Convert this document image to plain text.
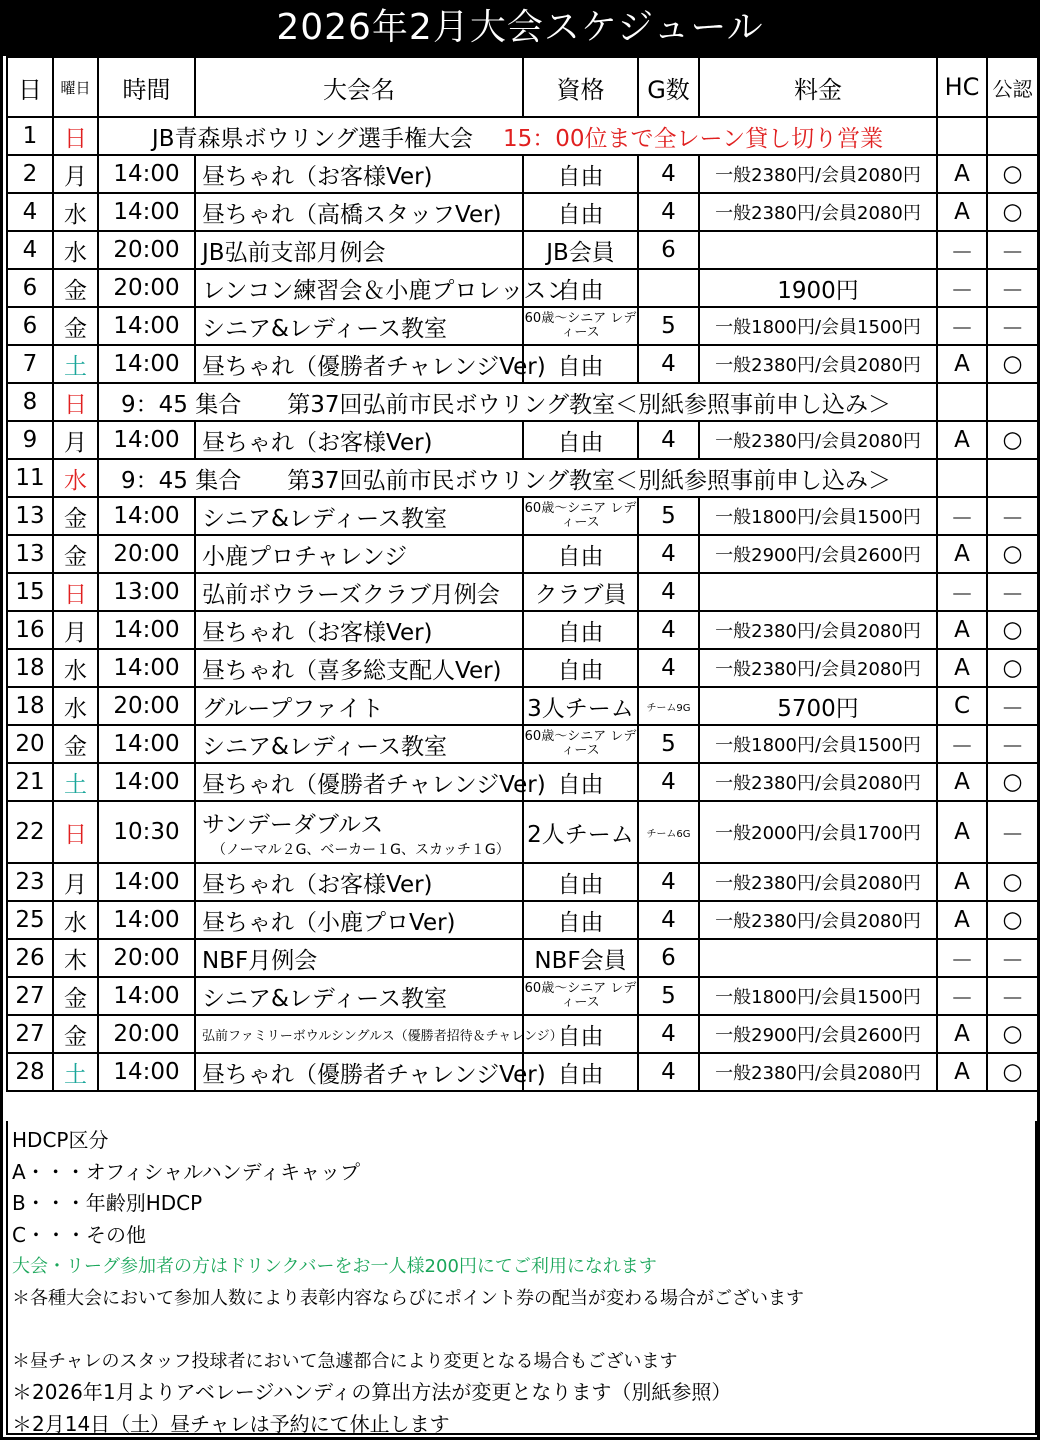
2026年2月大会スケジュール
日	曜日	時間	大会名	資格	G数	料金	HC	公認
1	日	JB青森県ボウリング選手権大会 15：00位まで全レーン貸し切り営業						
2	月	14:00	昼ちゃれ（お客様Ver)	自由	4	一般2380円/会員2080円	A	○
4	水	14:00	昼ちゃれ（高橋スタッフVer)	自由	4	一般2380円/会員2080円	A	○
4	水	20:00	JB弘前支部月例会	JB会員	6		－	－
6	金	20:00	レンコン練習会＆小鹿プロレッスン	自由		1900円	－	－
6	金	14:00	シニア&レディース教室	60歳～シニア レディース	5	一般1800円/会員1500円	－	－
7	土	14:00	昼ちゃれ（優勝者チャレンジVer)	自由	4	一般2380円/会員2080円	A	○
8	日	9：45 集合　　第37回弘前市民ボウリング教室＜別紙参照事前申し込み＞						
9	月	14:00	昼ちゃれ（お客様Ver)	自由	4	一般2380円/会員2080円	A	○
11	水	9：45 集合　　第37回弘前市民ボウリング教室＜別紙参照事前申し込み＞						
13	金	14:00	シニア&レディース教室	60歳～シニア レディース	5	一般1800円/会員1500円	－	－
13	金	20:00	小鹿プロチャレンジ	自由	4	一般2900円/会員2600円	A	○
15	日	13:00	弘前ボウラーズクラブ月例会	クラブ員	4		－	－
16	月	14:00	昼ちゃれ（お客様Ver)	自由	4	一般2380円/会員2080円	A	○
18	水	14:00	昼ちゃれ（喜多総支配人Ver)	自由	4	一般2380円/会員2080円	A	○
18	水	20:00	グループファイト	3人チーム	チーム9G	5700円	C	－
20	金	14:00	シニア&レディース教室	60歳～シニア レディース	5	一般1800円/会員1500円	－	－
21	土	14:00	昼ちゃれ（優勝者チャレンジVer)	自由	4	一般2380円/会員2080円	A	○
22	日	10:30	サンデーダブルス
（ノーマル２G、ベーカー１G、スカッチ１G）	2人チーム	チーム6G	一般2000円/会員1700円	A	－
23	月	14:00	昼ちゃれ（お客様Ver)	自由	4	一般2380円/会員2080円	A	○
25	水	14:00	昼ちゃれ（小鹿プロVer)	自由	4	一般2380円/会員2080円	A	○
26	木	20:00	NBF月例会	NBF会員	6		－	－
27	金	14:00	シニア&レディース教室	60歳～シニア レディース	5	一般1800円/会員1500円	－	－
27	金	20:00	弘前ファミリーボウルシングルス（優勝者招待＆チャレンジ）	自由	4	一般2900円/会員2600円	A	○
28	土	14:00	昼ちゃれ（優勝者チャレンジVer)	自由	4	一般2380円/会員2080円	A	○
HDCP区分
A・・・オフィシャルハンディキャップ
B・・・年齢別HDCP
C・・・その他
大会・リーグ参加者の方はドリンクバーをお一人様200円にてご利用になれます
＊各種大会において参加人数により表彰内容ならびにポイント券の配当が変わる場合がございます

＊昼チャレのスタッフ投球者において急遽都合により変更となる場合もございます
＊2026年1月よりアベレージハンディの算出方法が変更となります（別紙参照）
＊2月14日（土）昼チャレは予約にて休止します
